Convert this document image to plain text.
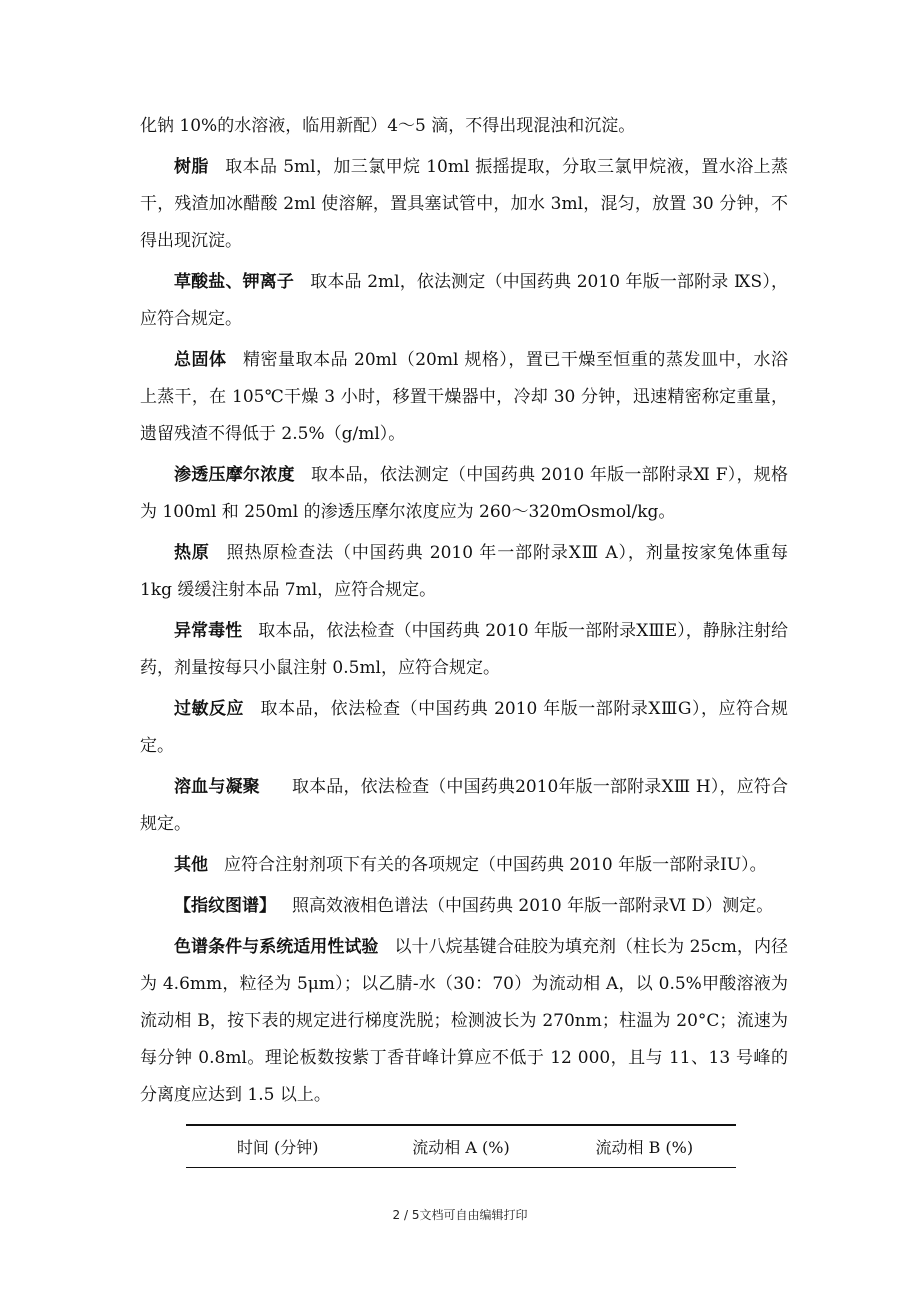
化钠 10%的水溶液，临用新配）4～5 滴，不得出现混浊和沉淀。

树脂 取本品 5ml，加三氯甲烷 10ml 振摇提取，分取三氯甲烷液，置水浴上蒸干，残渣加冰醋酸 2ml 使溶解，置具塞试管中，加水 3ml，混匀，放置 30 分钟，不得出现沉淀。

草酸盐、钾离子 取本品 2ml，依法测定（中国药典 2010 年版一部附录 ⅨS），应符合规定。

总固体 精密量取本品 20ml（20ml 规格），置已干燥至恒重的蒸发皿中，水浴上蒸干，在 105℃干燥 3 小时，移置干燥器中，冷却 30 分钟，迅速精密称定重量，遗留残渣不得低于 2.5%（g/ml）。

渗透压摩尔浓度 取本品，依法测定（中国药典 2010 年版一部附录Ⅺ F），规格为 100ml 和 250ml 的渗透压摩尔浓度应为 260～320mOsmol/kg。

热原 照热原检查法（中国药典 2010 年一部附录ⅩⅢ A），剂量按家兔体重每 1kg 缓缓注射本品 7ml，应符合规定。

异常毒性 取本品，依法检查（中国药典 2010 年版一部附录ⅩⅢE），静脉注射给药，剂量按每只小鼠注射 0.5ml，应符合规定。

过敏反应 取本品，依法检查（中国药典 2010 年版一部附录ⅩⅢG），应符合规定。

溶血与凝聚 取本品，依法检查（中国药典2010年版一部附录ⅩⅢ H），应符合规定。

其他 应符合注射剂项下有关的各项规定（中国药典 2010 年版一部附录ⅠU）。

【指纹图谱】 照高效液相色谱法（中国药典 2010 年版一部附录Ⅵ D）测定。

色谱条件与系统适用性试验 以十八烷基键合硅胶为填充剂（柱长为 25cm，内径为 4.6mm，粒径为 5μm）；以乙腈-水（30：70）为流动相 A，以 0.5%甲酸溶液为流动相 B，按下表的规定进行梯度洗脱；检测波长为 270nm；柱温为 20°C；流速为每分钟 0.8ml。理论板数按紫丁香苷峰计算应不低于 12 000，且与 11、13 号峰的分离度应达到 1.5 以上。

时间 (分钟)	流动相 A (%)	流动相 B (%)
2 / 5文档可自由编辑打印
